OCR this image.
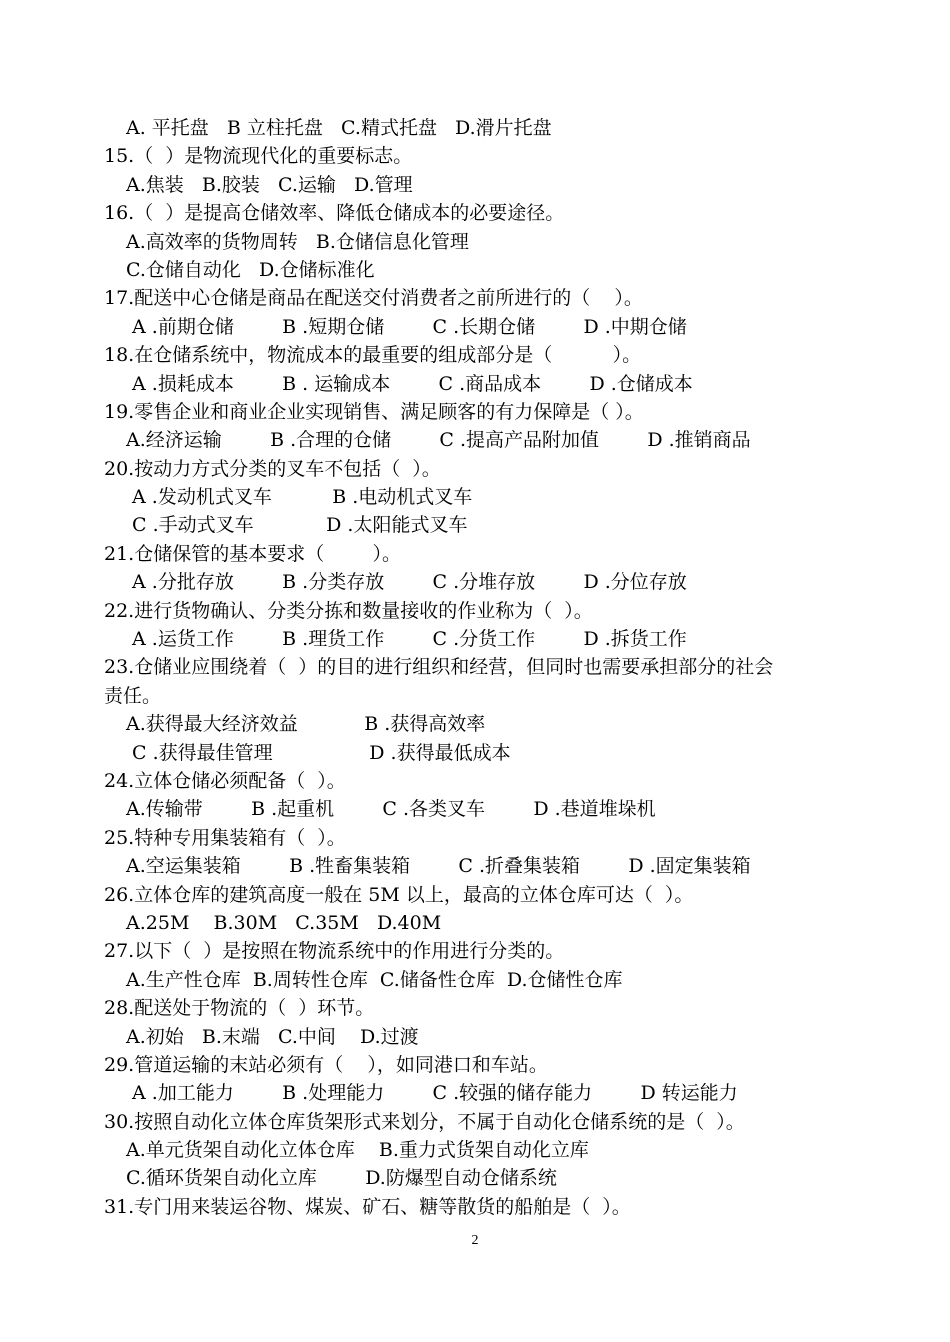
A. 平托盘   B 立柱托盘   C.精式托盘   D.滑片托盘
15.（  ）是物流现代化的重要标志。
A.焦装   B.胶装   C.运输   D.管理
16.（  ）是提高仓储效率、降低仓储成本的必要途径。
A.高效率的货物周转   B.仓储信息化管理
C.仓储自动化   D.仓储标准化
17.配送中心仓储是商品在配送交付消费者之前所进行的（    ）。
A .前期仓储        B .短期仓储        C .长期仓储        D .中期仓储
18.在仓储系统中，物流成本的最重要的组成部分是（          ）。
A .损耗成本        B . 运输成本        C .商品成本        D .仓储成本
19.零售企业和商业企业实现销售、满足顾客的有力保障是（ ）。
A.经济运输        B .合理的仓储        C .提高产品附加值        D .推销商品
20.按动力方式分类的叉车不包括（  ）。
A .发动机式叉车          B .电动机式叉车
C .手动式叉车            D .太阳能式叉车
21.仓储保管的基本要求（        ）。
A .分批存放        B .分类存放        C .分堆存放        D .分位存放
22.进行货物确认、分类分拣和数量接收的作业称为（  ）。
A .运货工作        B .理货工作        C .分货工作        D .拆货工作
23.仓储业应围绕着（  ）的目的进行组织和经营，但同时也需要承担部分的社会
责任。
A.获得最大经济效益           B .获得高效率
C .获得最佳管理                D .获得最低成本
24.立体仓储必须配备（  ）。
A.传输带        B .起重机        C .各类叉车        D .巷道堆垛机
25.特种专用集装箱有（  ）。
A.空运集装箱        B .牲畜集装箱        C .折叠集装箱        D .固定集装箱
26.立体仓库的建筑高度一般在 5M 以上，最高的立体仓库可达（  ）。
A.25M    B.30M   C.35M   D.40M
27.以下（  ）是按照在物流系统中的作用进行分类的。
A.生产性仓库  B.周转性仓库  C.储备性仓库  D.仓储性仓库
28.配送处于物流的（  ）环节。
A.初始   B.末端   C.中间    D.过渡
29.管道运输的末站必须有（    ），如同港口和车站。
A .加工能力        B .处理能力        C .较强的储存能力        D 转运能力
30.按照自动化立体仓库货架形式来划分，不属于自动化仓储系统的是（  ）。
A.单元货架自动化立体仓库    B.重力式货架自动化立库
C.循环货架自动化立库        D.防爆型自动仓储系统
31.专门用来装运谷物、煤炭、矿石、糖等散货的船舶是（  ）。
2
